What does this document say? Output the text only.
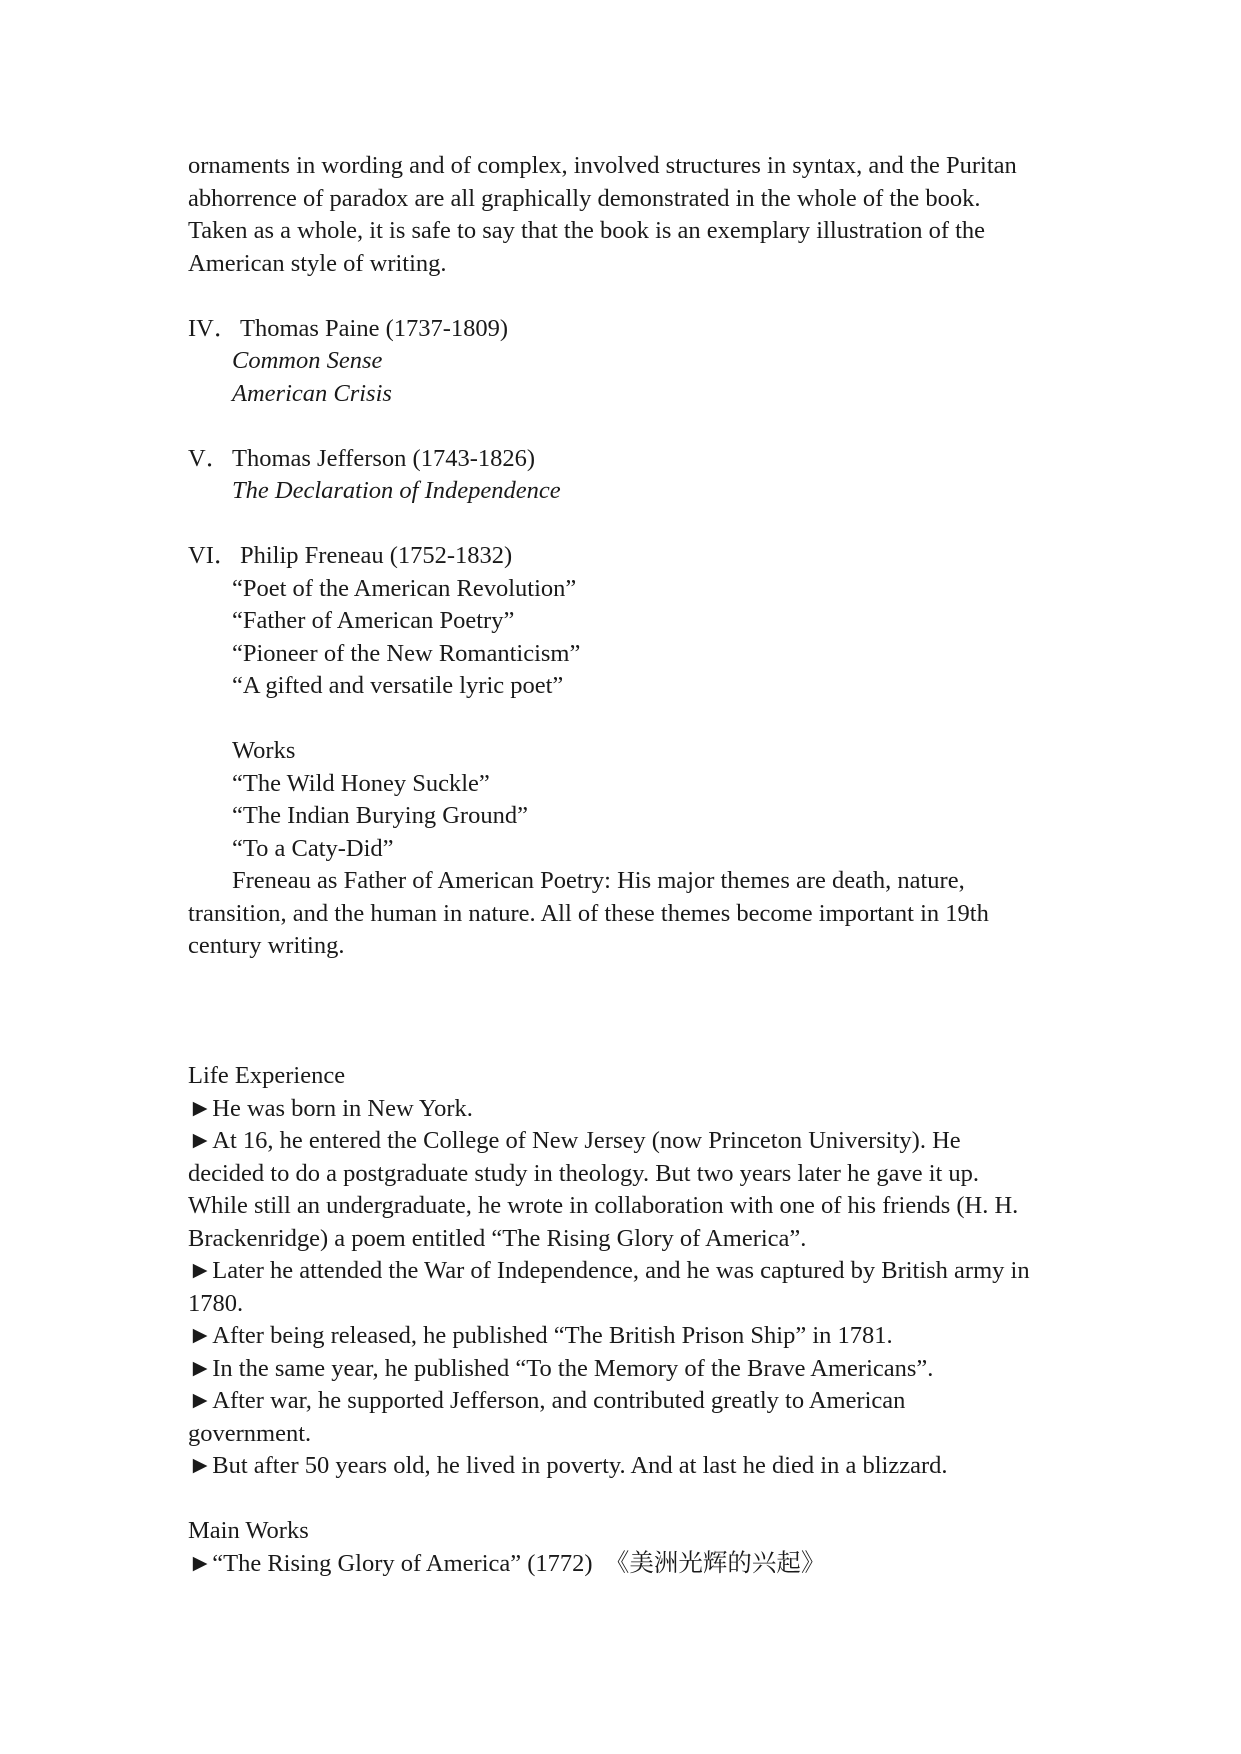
ornaments in wording and of complex, involved structures in syntax, and the Puritan
abhorrence of paradox are all graphically demonstrated in the whole of the book.
Taken as a whole, it is safe to say that the book is an exemplary illustration of the
American style of writing.
IV．Thomas Paine (1737-1809)
Common Sense
American Crisis
V．Thomas Jefferson (1743-1826)
The Declaration of Independence
VI．Philip Freneau (1752-1832)
“Poet of the American Revolution”
“Father of American Poetry”
“Pioneer of the New Romanticism”
“A gifted and versatile lyric poet”
Works
“The Wild Honey Suckle”
“The Indian Burying Ground”
“To a Caty-Did”
Freneau as Father of American Poetry: His major themes are death, nature,
transition, and the human in nature. All of these themes become important in 19th
century writing.
Life Experience
►He was born in New York.
►At 16, he entered the College of New Jersey (now Princeton University). He
decided to do a postgraduate study in theology. But two years later he gave it up.
While still an undergraduate, he wrote in collaboration with one of his friends (H. H.
Brackenridge) a poem entitled “The Rising Glory of America”.
►Later he attended the War of Independence, and he was captured by British army in
1780.
►After being released, he published “The British Prison Ship” in 1781.
►In the same year, he published “To the Memory of the Brave Americans”.
►After war, he supported Jefferson, and contributed greatly to American
government.
►But after 50 years old, he lived in poverty. And at last he died in a blizzard.
Main Works
►“The Rising Glory of America” (1772)　《美洲光辉的兴起》
